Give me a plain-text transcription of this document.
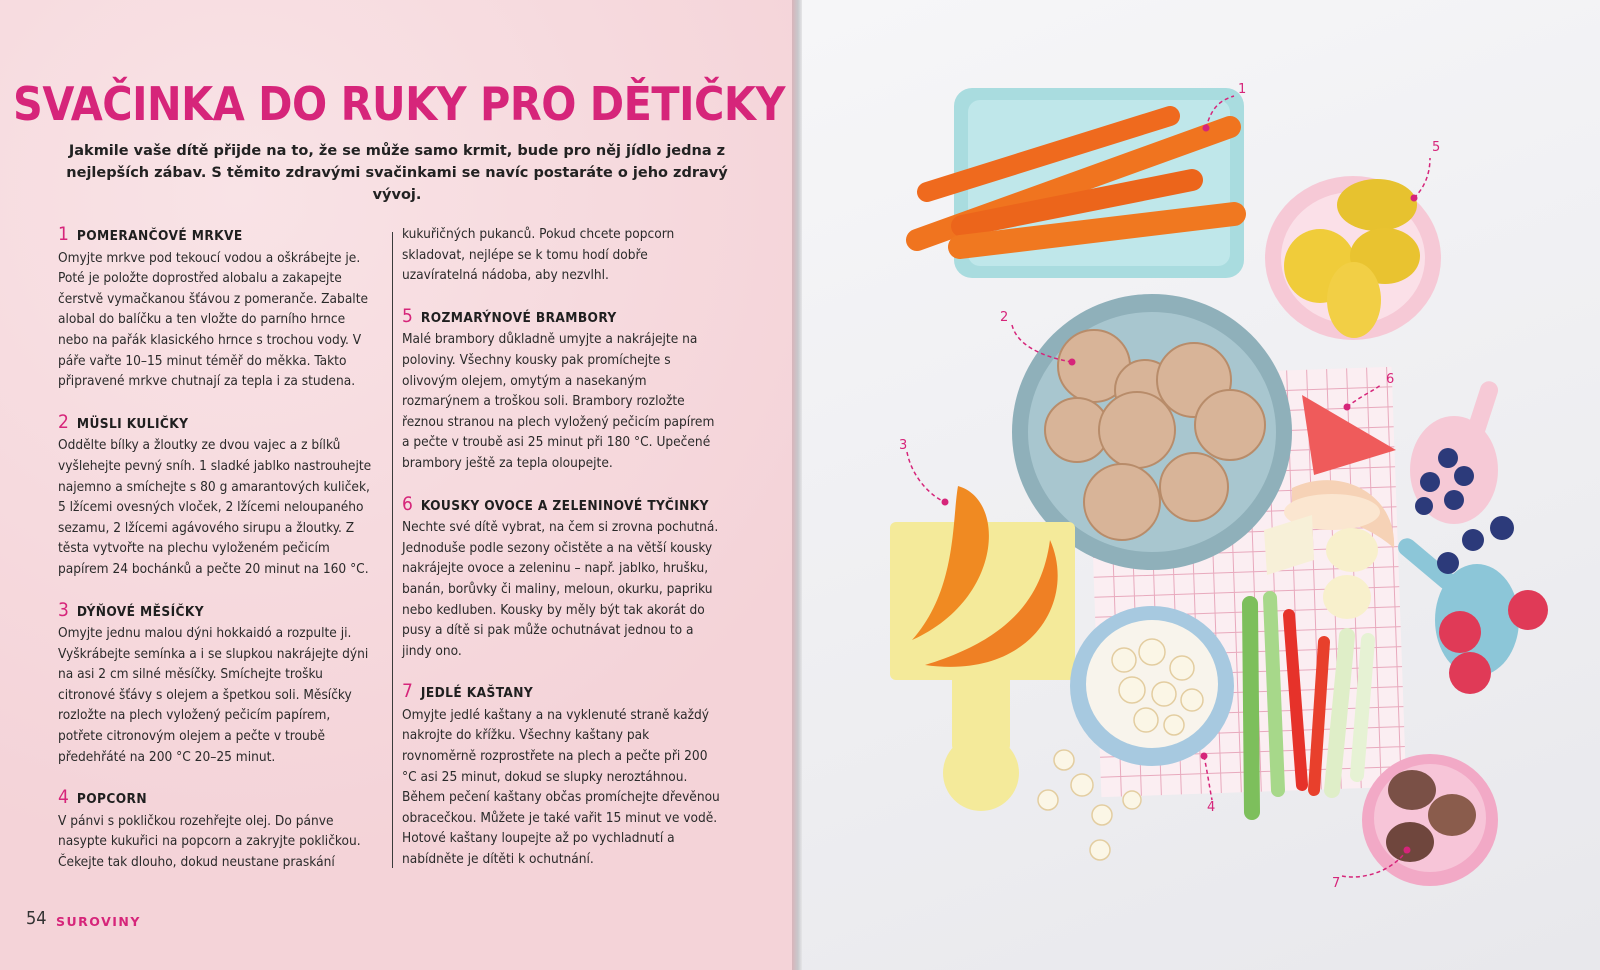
SVAČINKA DO RUKY PRO DĚTIČKY

Jakmile vaše dítě přijde na to, že se může samo krmit, bude pro něj jídlo jedna z nejlepších zábav. S těmito zdravými svačinkami se navíc postaráte o jeho zdravý vývoj.

1 POMERANČOVÉ MRKVE

Omyjte mrkve pod tekoucí vodou a oškrábejte je. Poté je položte doprostřed alobalu a zakapejte čerstvě vymačkanou šťávou z pomeranče. Zabalte alobal do balíčku a ten vložte do parního hrnce nebo na pařák klasického hrnce s trochou vody. V páře vařte 10–15 minut téměř do měkka. Takto připravené mrkve chutnají za tepla i za studena.

2 MÜSLI KULIČKY

Oddělte bílky a žloutky ze dvou vajec a z bílků vyšlehejte pevný sníh. 1 sladké jablko nastrouhejte najemno a smíchejte s 80 g amarantových kuliček, 5 lžícemi ovesných vloček, 2 lžícemi neloupaného sezamu, 2 lžícemi agávového sirupu a žloutky. Z těsta vytvořte na plechu vyloženém pečicím papírem 24 bochánků a pečte 20 minut na 160 °C.

3 DÝŇOVÉ MĚSÍČKY

Omyjte jednu malou dýni hokkaidó a rozpulte ji. Vyškrábejte semínka a i se slupkou nakrájejte dýni na asi 2 cm silné měsíčky. Smíchejte trošku citronové šťávy s olejem a špetkou soli. Měsíčky rozložte na plech vyložený pečicím papírem, potřete citronovým olejem a pečte v troubě předehřáté na 200 °C 20–25 minut.

4 POPCORN

V pánvi s pokličkou rozehřejte olej. Do pánve nasypte kukuřici na popcorn a zakryjte pokličkou. Čekejte tak dlouho, dokud neustane praskání

kukuřičných pukanců. Pokud chcete popcorn skladovat, nejlépe se k tomu hodí dobře uzavíratelná nádoba, aby nezvlhl.

5 ROZMARÝNOVÉ BRAMBORY

Malé brambory důkladně umyjte a nakrájejte na poloviny. Všechny kousky pak promíchejte s olivovým olejem, omytým a nasekaným rozmarýnem a troškou soli. Brambory rozložte řeznou stranou na plech vyložený pečicím papírem a pečte v troubě asi 25 minut při 180 °C. Upečené brambory ještě za tepla oloupejte.

6 KOUSKY OVOCE A ZELENINOVÉ TYČINKY

Nechte své dítě vybrat, na čem si zrovna pochutná. Jednoduše podle sezony očistěte a na větší kousky nakrájejte ovoce a zeleninu – např. jablko, hrušku, banán, borůvky či maliny, meloun, okurku, papriku nebo kedluben. Kousky by měly být tak akorát do pusy a dítě si pak může ochutnávat jednou to a jindy ono.

7 JEDLÉ KAŠTANY

Omyjte jedlé kaštany a na vyklenuté straně každý nakrojte do křížku. Všechny kaštany pak rovnoměrně rozprostřete na plech a pečte při 200 °C asi 25 minut, dokud se slupky neroztáhnou. Během pečení kaštany občas promíchejte dřevěnou obracečkou. Můžete je také vařit 15 minut ve vodě. Hotové kaštany loupejte až po vychladnutí a nabídněte je dítěti k ochutnání.

54 SUROVINY
1
2
3
4
5
6
7
